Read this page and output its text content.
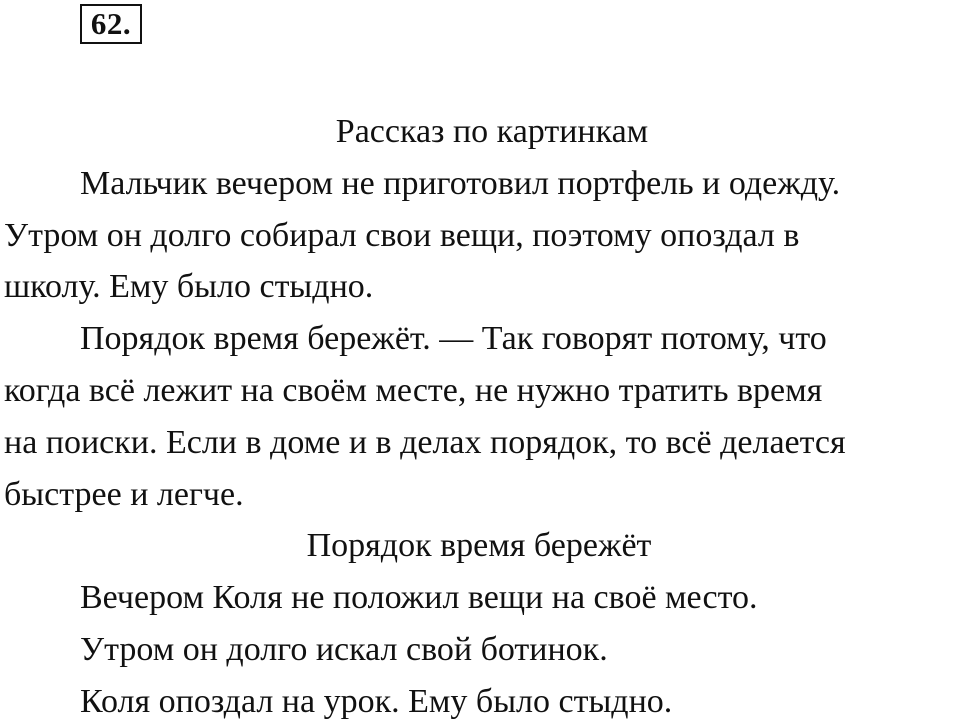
62.
Рассказ по картинкам
Мальчик вечером не приготовил портфель и одежду.
Утром он долго собирал свои вещи, поэтому опоздал в
школу. Ему было стыдно.
Порядок время бережёт. — Так говорят потому, что
когда всё лежит на своём месте, не нужно тратить время
на поиски. Если в доме и в делах порядок, то всё делается
быстрее и легче.
Порядок время бережёт
Вечером Коля не положил вещи на своё место.
Утром он долго искал свой ботинок.
Коля опоздал на урок. Ему было стыдно.
